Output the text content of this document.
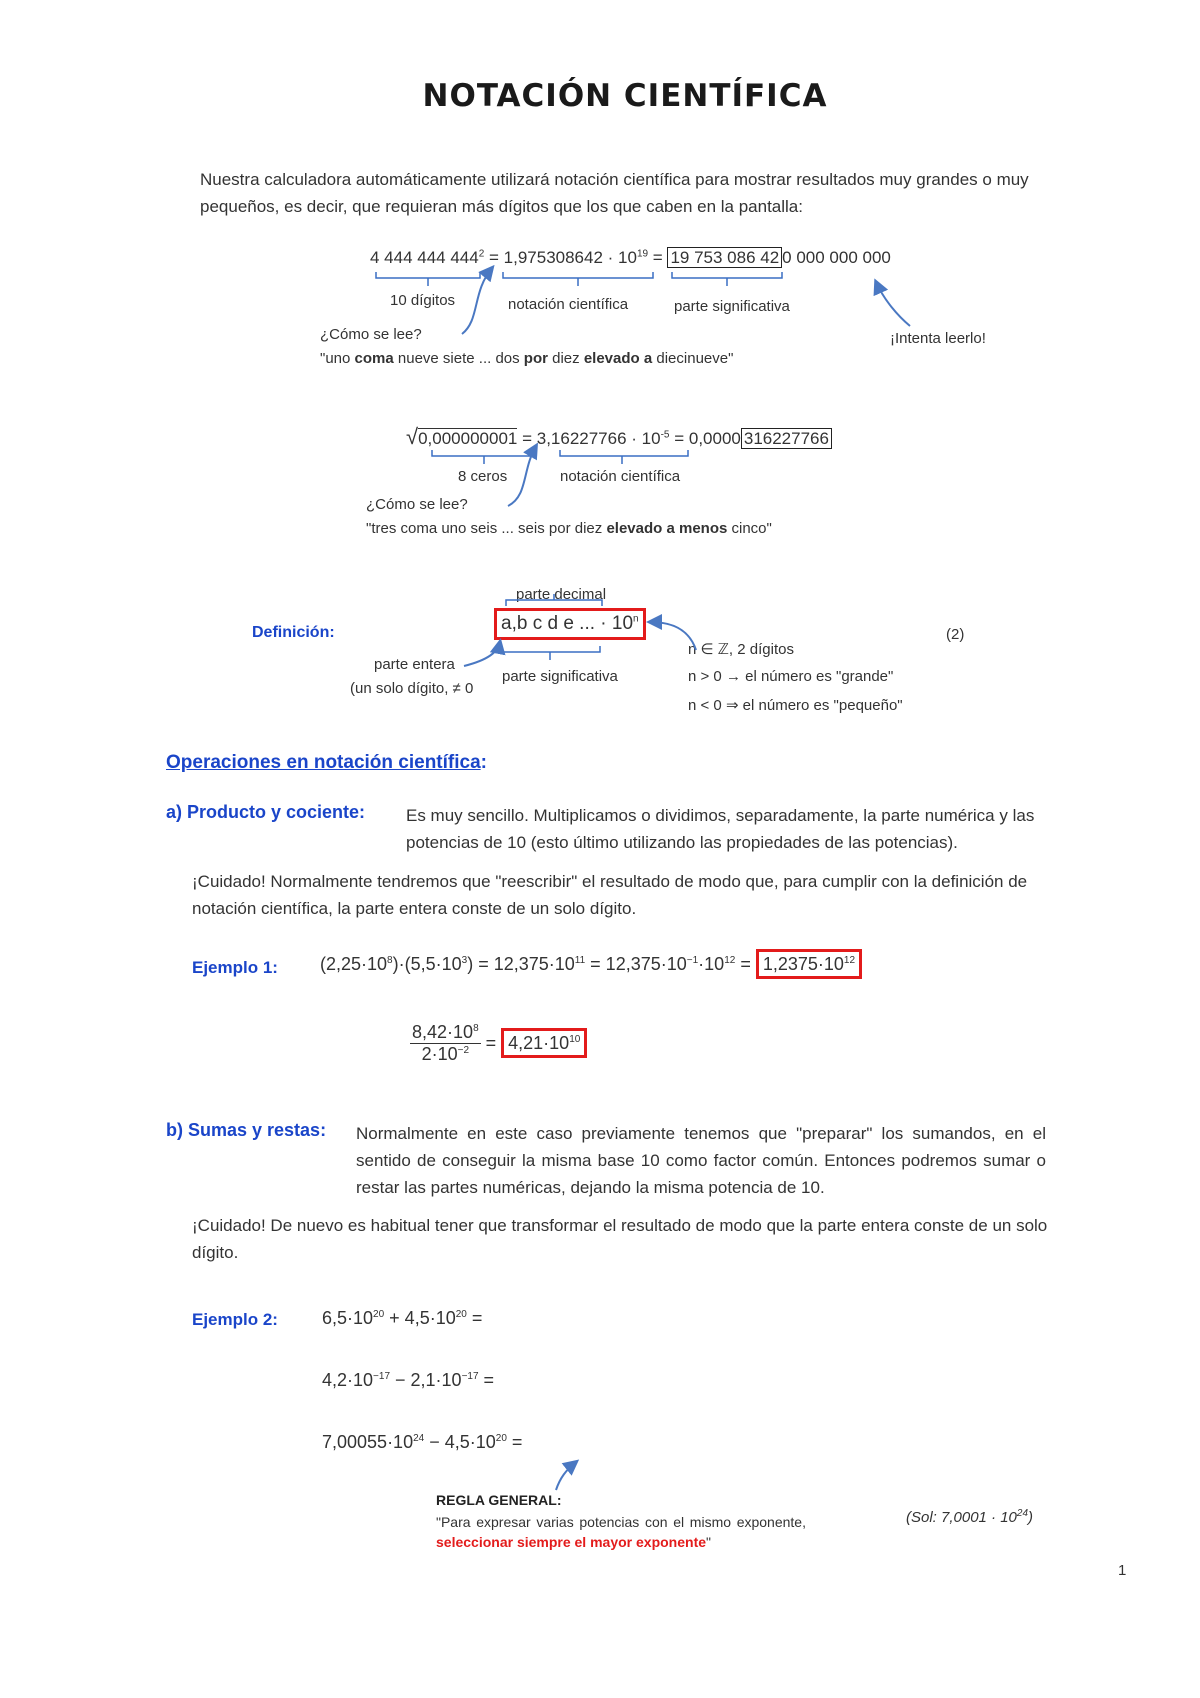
NOTACIÓN CIENTÍFICA
Nuestra calculadora automáticamente utilizará notación científica para mostrar resultados muy grandes o muy pequeños, es decir, que requieran más dígitos que los que caben en la pantalla:
4 444 444 $444^2 = 1,975308642 \cdot 10^{19} = 19$ 753 086 42 0 000 000 000
10 dígitos	notación científica	parte significativa
¡Intenta leerlo!
¿Cómo se lee?
"uno coma nueve siete ... dos por diez elevado a diecinueve"
$√0,000000001 = 3,16227766 \cdot 10^{-5} = 0,0000$ 316227766
8 ceros	notación científica
¿Cómo se lee?
"tres coma uno seis ... seis por diez elevado a menos cinco"
Definición:
parte decimal
a,b c d e ... · $10^n$
(2)
parte entera
(un solo dígito, ≠ 0
parte significativa
n ∈ ℤ, 2 dígitos
n > 0 → el número es "grande"
n < 0 ⇒ el número es "pequeño"
Operaciones en notación científica:
a) Producto y cociente: Es muy sencillo. Multiplicamos o dividimos, separadamente, la parte numérica y las potencias de 10 (esto último utilizando las propiedades de las potencias).
¡Cuidado! Normalmente tendremos que "reescribir" el resultado de modo que, para cumplir con la definición de notación científica, la parte entera conste de un solo dígito.
Ejemplo 1: $(2,25\cdot 10^8)\cdot(5,5\cdot 10^3) = 12,375\cdot 10^{11} = 12,375\cdot 10^{-1}\cdot 10^{12} = 1,2375\cdot 10^{12}$
$\frac{8,42\cdot 10^8}{2\cdot 10^{-2}} = 4,21\cdot 10^{10}$
b) Sumas y restas: Normalmente en este caso previamente tenemos que "preparar" los sumandos, en el sentido de conseguir la misma base 10 como factor común. Entonces podremos sumar o restar las partes numéricas, dejando la misma potencia de 10.
¡Cuidado! De nuevo es habitual tener que transformar el resultado de modo que la parte entera conste de un solo dígito.
Ejemplo 2: $6,5\cdot 10^{20} + 4,5\cdot 10^{20}$ =
$4,2\cdot 10^{-17} - 2,1\cdot 10^{-17}$ =
$7,00055\cdot 10^{24} - 4,5\cdot 10^{20}$ =
REGLA GENERAL:
"Para expresar varias potencias con el mismo exponente, seleccionar siempre el mayor exponente"
(Sol: $7,0001 \cdot 10^{24}$)
1
